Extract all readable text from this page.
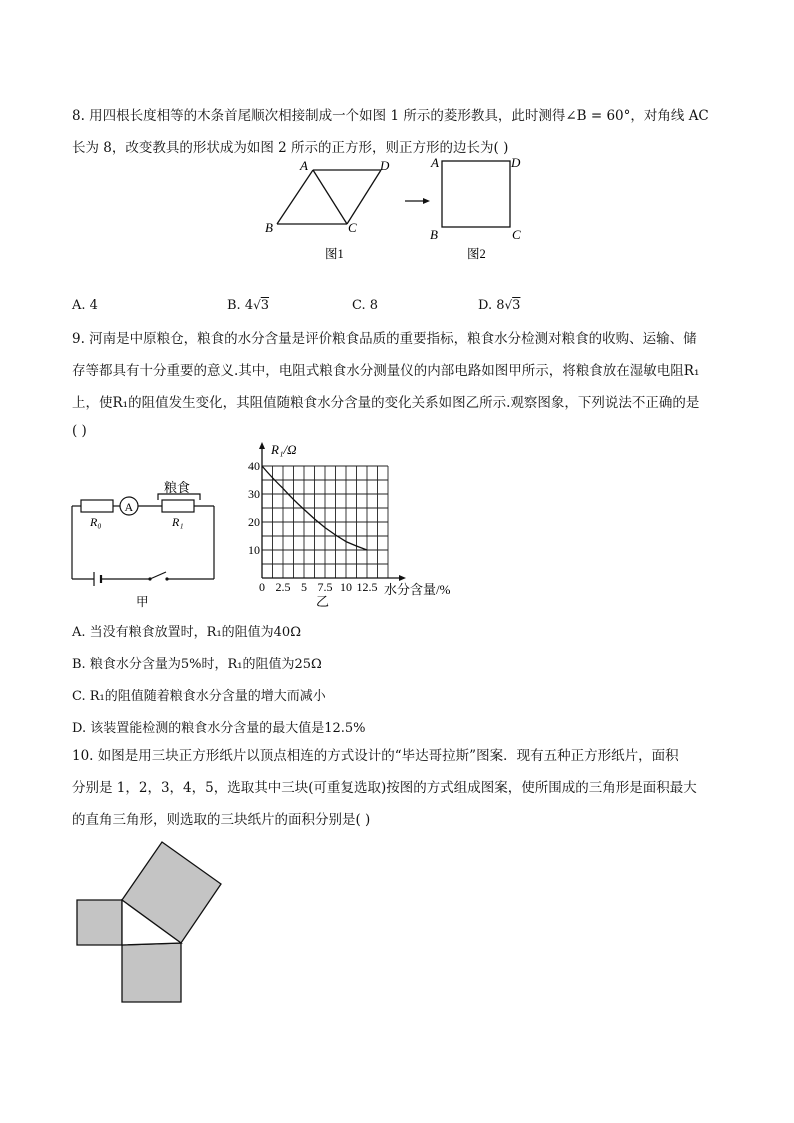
8. 用四根长度相等的木条首尾顺次相接制成一个如图 1 所示的菱形教具，此时测得∠B = 60°，对角线 AC
长为 8，改变教具的形状成为如图 2 所示的正方形，则正方形的边长为( )
A	D
B	C
图1
A	D
B	C
图2
A. 4	B. 4√3	C. 8	D. 8√3
9. 河南是中原粮仓，粮食的水分含量是评价粮食品质的重要指标，粮食水分检测对粮食的收购、运输、储
存等都具有十分重要的意义.其中，电阻式粮食水分测量仪的内部电路如图甲所示，将粮食放在湿敏电阻R₁
上，使R₁的阻值发生变化，其阻值随粮食水分含量的变化关系如图乙所示.观察图象，下列说法不正确的是
( )
A
粮食
R₀	R₁
甲
0 2.5 5 7.5 10 12.5
10
20
30
40
R₁/Ω
水分含量/%
乙
A. 当没有粮食放置时，R₁的阻值为40Ω
B. 粮食水分含量为5%时，R₁的阻值为25Ω
C. R₁的阻值随着粮食水分含量的增大而减小
D. 该装置能检测的粮食水分含量的最大值是12.5%
10. 如图是用三块正方形纸片以顶点相连的方式设计的“毕达哥拉斯”图案．现有五种正方形纸片，面积
分别是 1，2，3，4，5，选取其中三块(可重复选取)按图的方式组成图案，使所围成的三角形是面积最大
的直角三角形，则选取的三块纸片的面积分别是( )
